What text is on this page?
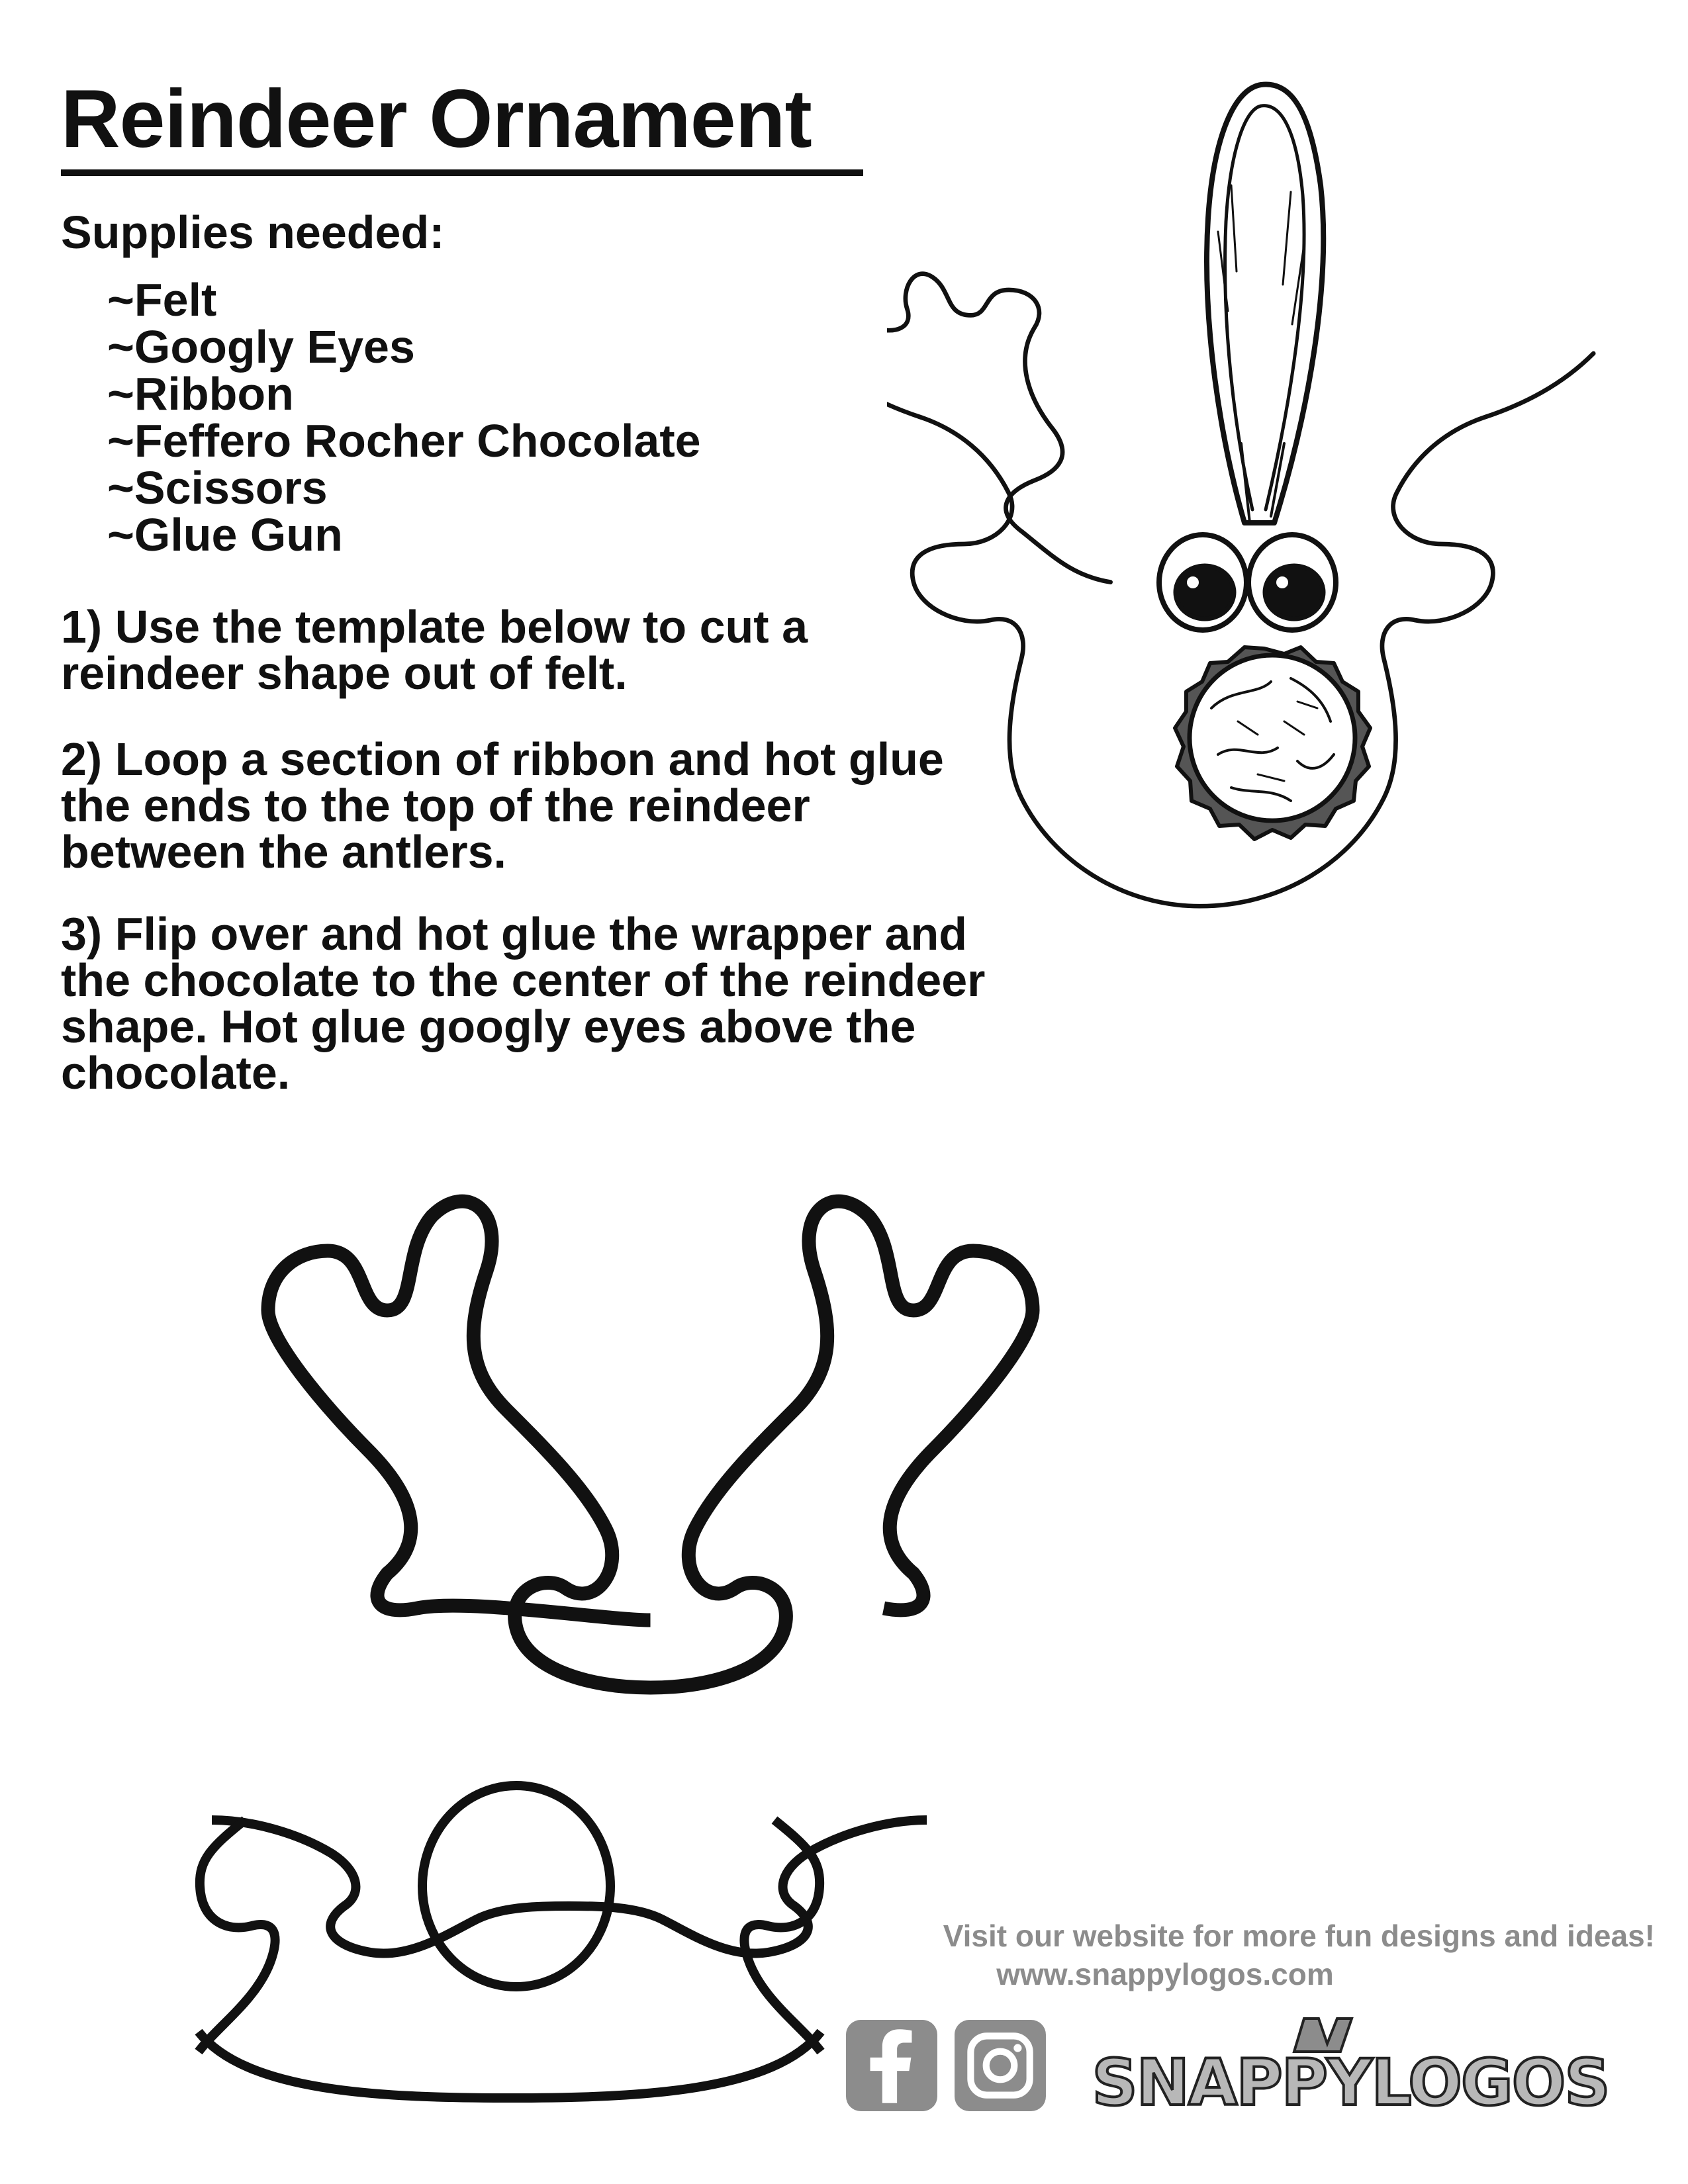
Reindeer Ornament
Supplies needed:
~Felt
~Googly Eyes
~Ribbon
~Feffero Rocher Chocolate
~Scissors
~Glue Gun

1) Use the template below to cut a reindeer shape out of felt.

2) Loop a section of ribbon and hot glue the ends to the top of the reindeer between the antlers.

3) Flip over and hot glue the wrapper and the chocolate to the center of the reindeer shape. Hot glue googly eyes above the chocolate.

Visit our website for more fun designs and ideas!
www.snappylogos.com
SNAPPYLOGOS
